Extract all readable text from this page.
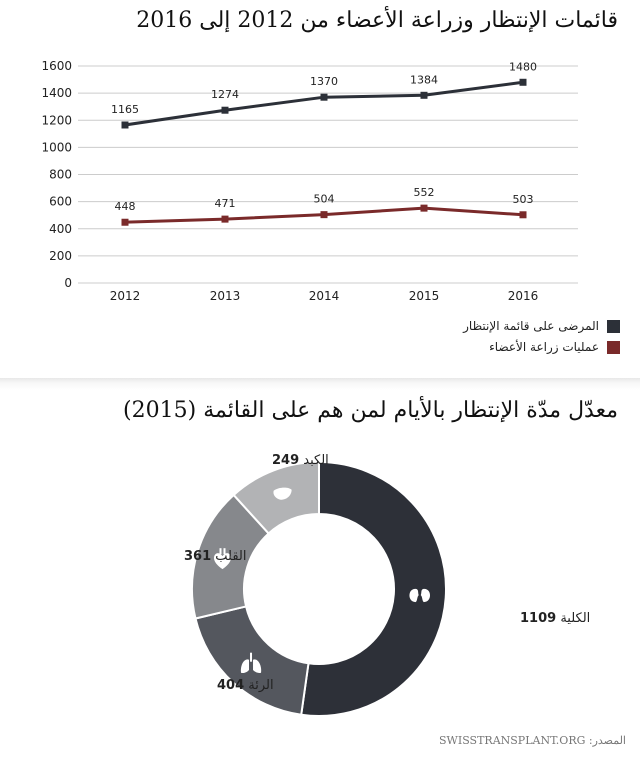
قائمات الإنتظار وزراعة الأعضاء من 2012 إلى 2016
0
200
400
600
800
1000
1200
1400
1600
2012	2013	2014	2015	2016
1165
1274
1370	1384
1480
448	471	504
552
503
المرضى على قائمة الإنتظار
عمليات زراعة الأعضاء
معدّل مدّة الإنتظار بالأيام لمن هم على القائمة (2015)
الكلية 1109
الرئة 404
القلب 361
الكبد 249
المصدر: SWISSTRANSPLANT.ORG
